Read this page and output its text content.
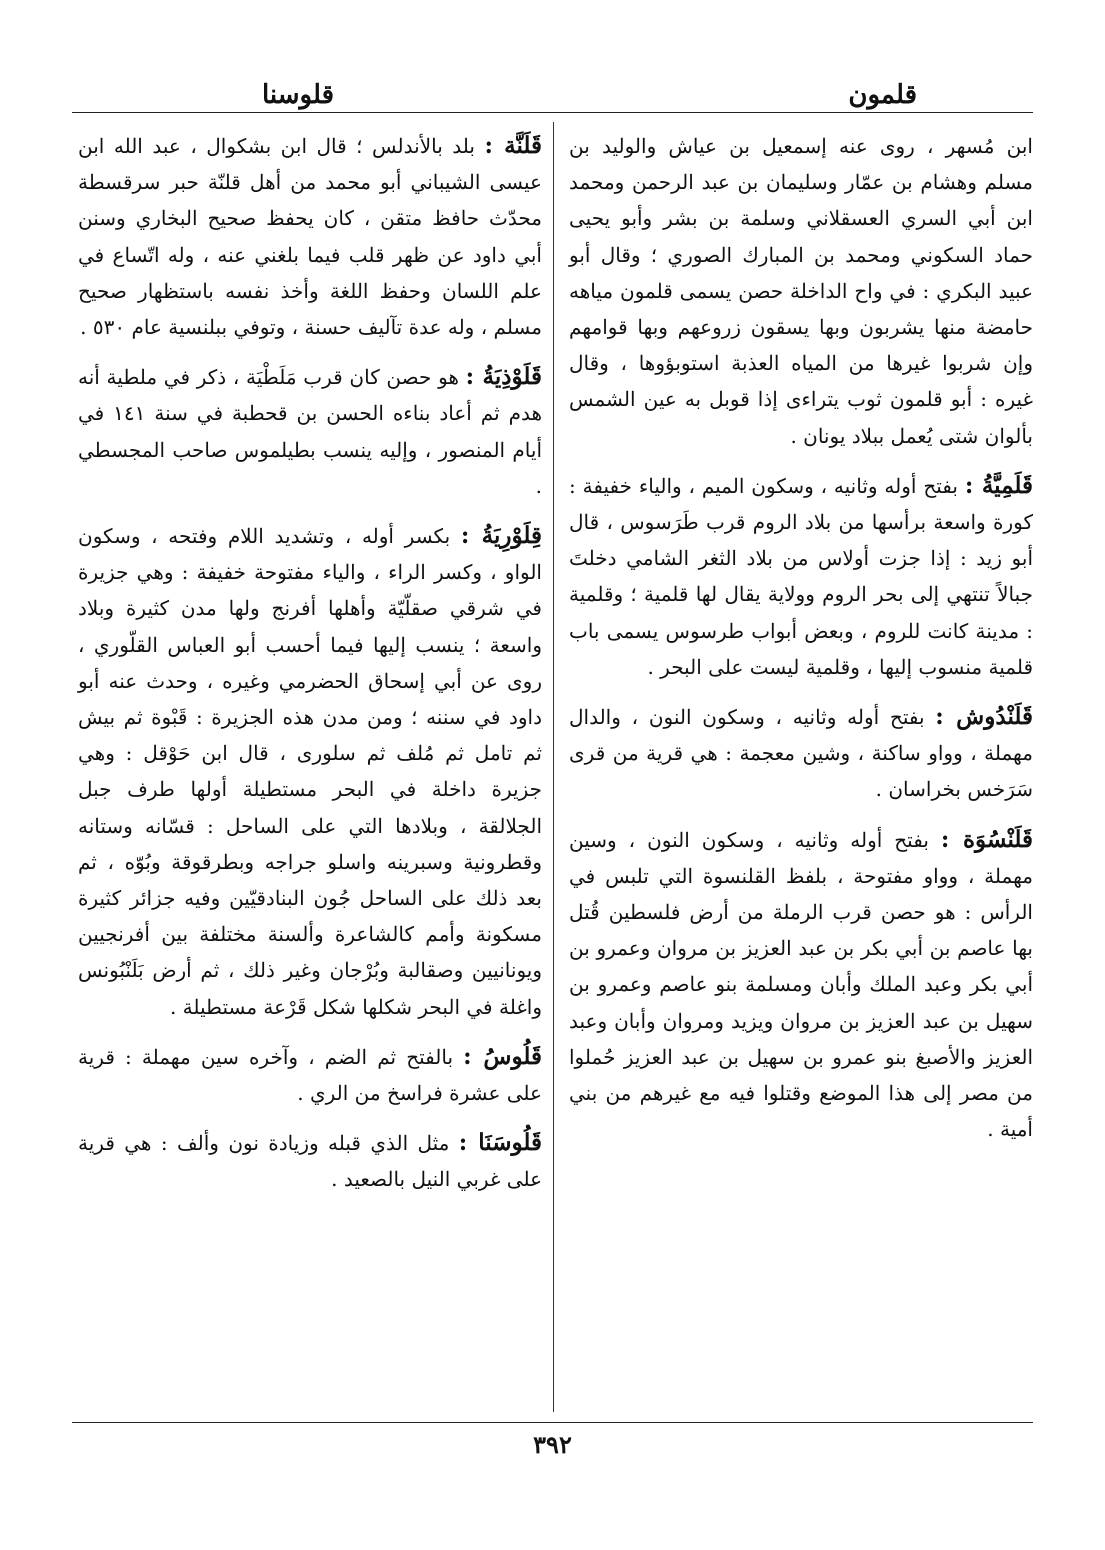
قلمون
قلوسنا

ابن مُسهر ، روى عنه إسمعيل بن عياش والوليد بن مسلم وهشام بن عمّار وسليمان بن عبد الرحمن ومحمد ابن أبي السري العسقلاني وسلمة بن بشر وأبو يحيى حماد السكوني ومحمد بن المبارك الصوري ؛ وقال أبو عبيد البكري : في واح الداخلة حصن يسمى قلمون مياهه حامضة منها يشربون وبها يسقون زروعهم وبها قوامهم وإن شربوا غيرها من المياه العذبة استوبؤوها ، وقال غيره : أبو قلمون ثوب يتراءى إذا قوبل به عين الشمس بألوان شتى يُعمل ببلاد يونان .

قَلَمِيَّةُ : بفتح أوله وثانيه ، وسكون الميم ، والياء خفيفة : كورة واسعة برأسها من بلاد الروم قرب طَرَسوس ، قال أبو زيد : إذا جزت أولاس من بلاد الثغر الشامي دخلتَ جبالاً تنتهي إلى بحر الروم وولاية يقال لها قلمية ؛ وقلمية : مدينة كانت للروم ، وبعض أبواب طرسوس يسمى باب قلمية منسوب إليها ، وقلمية ليست على البحر .

قَلَنْدُوش : بفتح أوله وثانيه ، وسكون النون ، والدال مهملة ، وواو ساكنة ، وشين معجمة : هي قرية من قرى سَرَخس بخراسان .

قَلَنْسُوَة : بفتح أوله وثانيه ، وسكون النون ، وسين مهملة ، وواو مفتوحة ، بلفظ القلنسوة التي تلبس في الرأس : هو حصن قرب الرملة من أرض فلسطين قُتل بها عاصم بن أبي بكر بن عبد العزيز بن مروان وعمرو بن أبي بكر وعبد الملك وأبان ومسلمة بنو عاصم وعمرو بن سهيل بن عبد العزيز بن مروان ويزيد ومروان وأبان وعبد العزيز والأصبغ بنو عمرو بن سهيل بن عبد العزيز حُملوا من مصر إلى هذا الموضع وقتلوا فيه مع غيرهم من بني أمية .

قَلَنَّة : بلد بالأندلس ؛ قال ابن بشكوال ، عبد الله ابن عيسى الشيباني أبو محمد من أهل قلنّة حبر سرقسطة محدّث حافظ متقن ، كان يحفظ صحيح البخاري وسنن أبي داود عن ظهر قلب فيما بلغني عنه ، وله اتّساع في علم اللسان وحفظ اللغة وأخذ نفسه باستظهار صحيح مسلم ، وله عدة تآليف حسنة ، وتوفي ببلنسية عام ٥٣٠ .

قَلَوْذِيَةُ : هو حصن كان قرب مَلَطْيَة ، ذكر في ملطية أنه هدم ثم أعاد بناءه الحسن بن قحطبة في سنة ١٤١ في أيام المنصور ، وإليه ينسب بطيلموس صاحب المجسطي .

قِلَوْرِيَةُ : بكسر أوله ، وتشديد اللام وفتحه ، وسكون الواو ، وكسر الراء ، والياء مفتوحة خفيفة : وهي جزيرة في شرقي صقلّيّة وأهلها أفرنج ولها مدن كثيرة وبلاد واسعة ؛ ينسب إليها فيما أحسب أبو العباس القلّوري ، روى عن أبي إسحاق الحضرمي وغيره ، وحدث عنه أبو داود في سننه ؛ ومن مدن هذه الجزيرة : قَبْوة ثم بيش ثم تامل ثم مُلف ثم سلورى ، قال ابن حَوْقل : وهي جزيرة داخلة في البحر مستطيلة أولها طرف جبل الجلالقة ، وبلادها التي على الساحل : قسّانه وستانه وقطرونية وسبرينه واسلو جراجه وبطرقوقة وبُوّه ، ثم بعد ذلك على الساحل جُون البنادقيّين وفيه جزائر كثيرة مسكونة وأمم كالشاعرة وألسنة مختلفة بين أفرنجيين ويونانيين وصقالبة وبُرْجان وغير ذلك ، ثم أرض بَلَنْبُونس واغلة في البحر شكلها شكل قَرْعة مستطيلة .

قَلُوسُ : بالفتح ثم الضم ، وآخره سين مهملة : قرية على عشرة فراسخ من الري .

قَلُوسَنَا : مثل الذي قبله وزيادة نون وألف : هي قرية على غربي النيل بالصعيد .

٣٩٢
